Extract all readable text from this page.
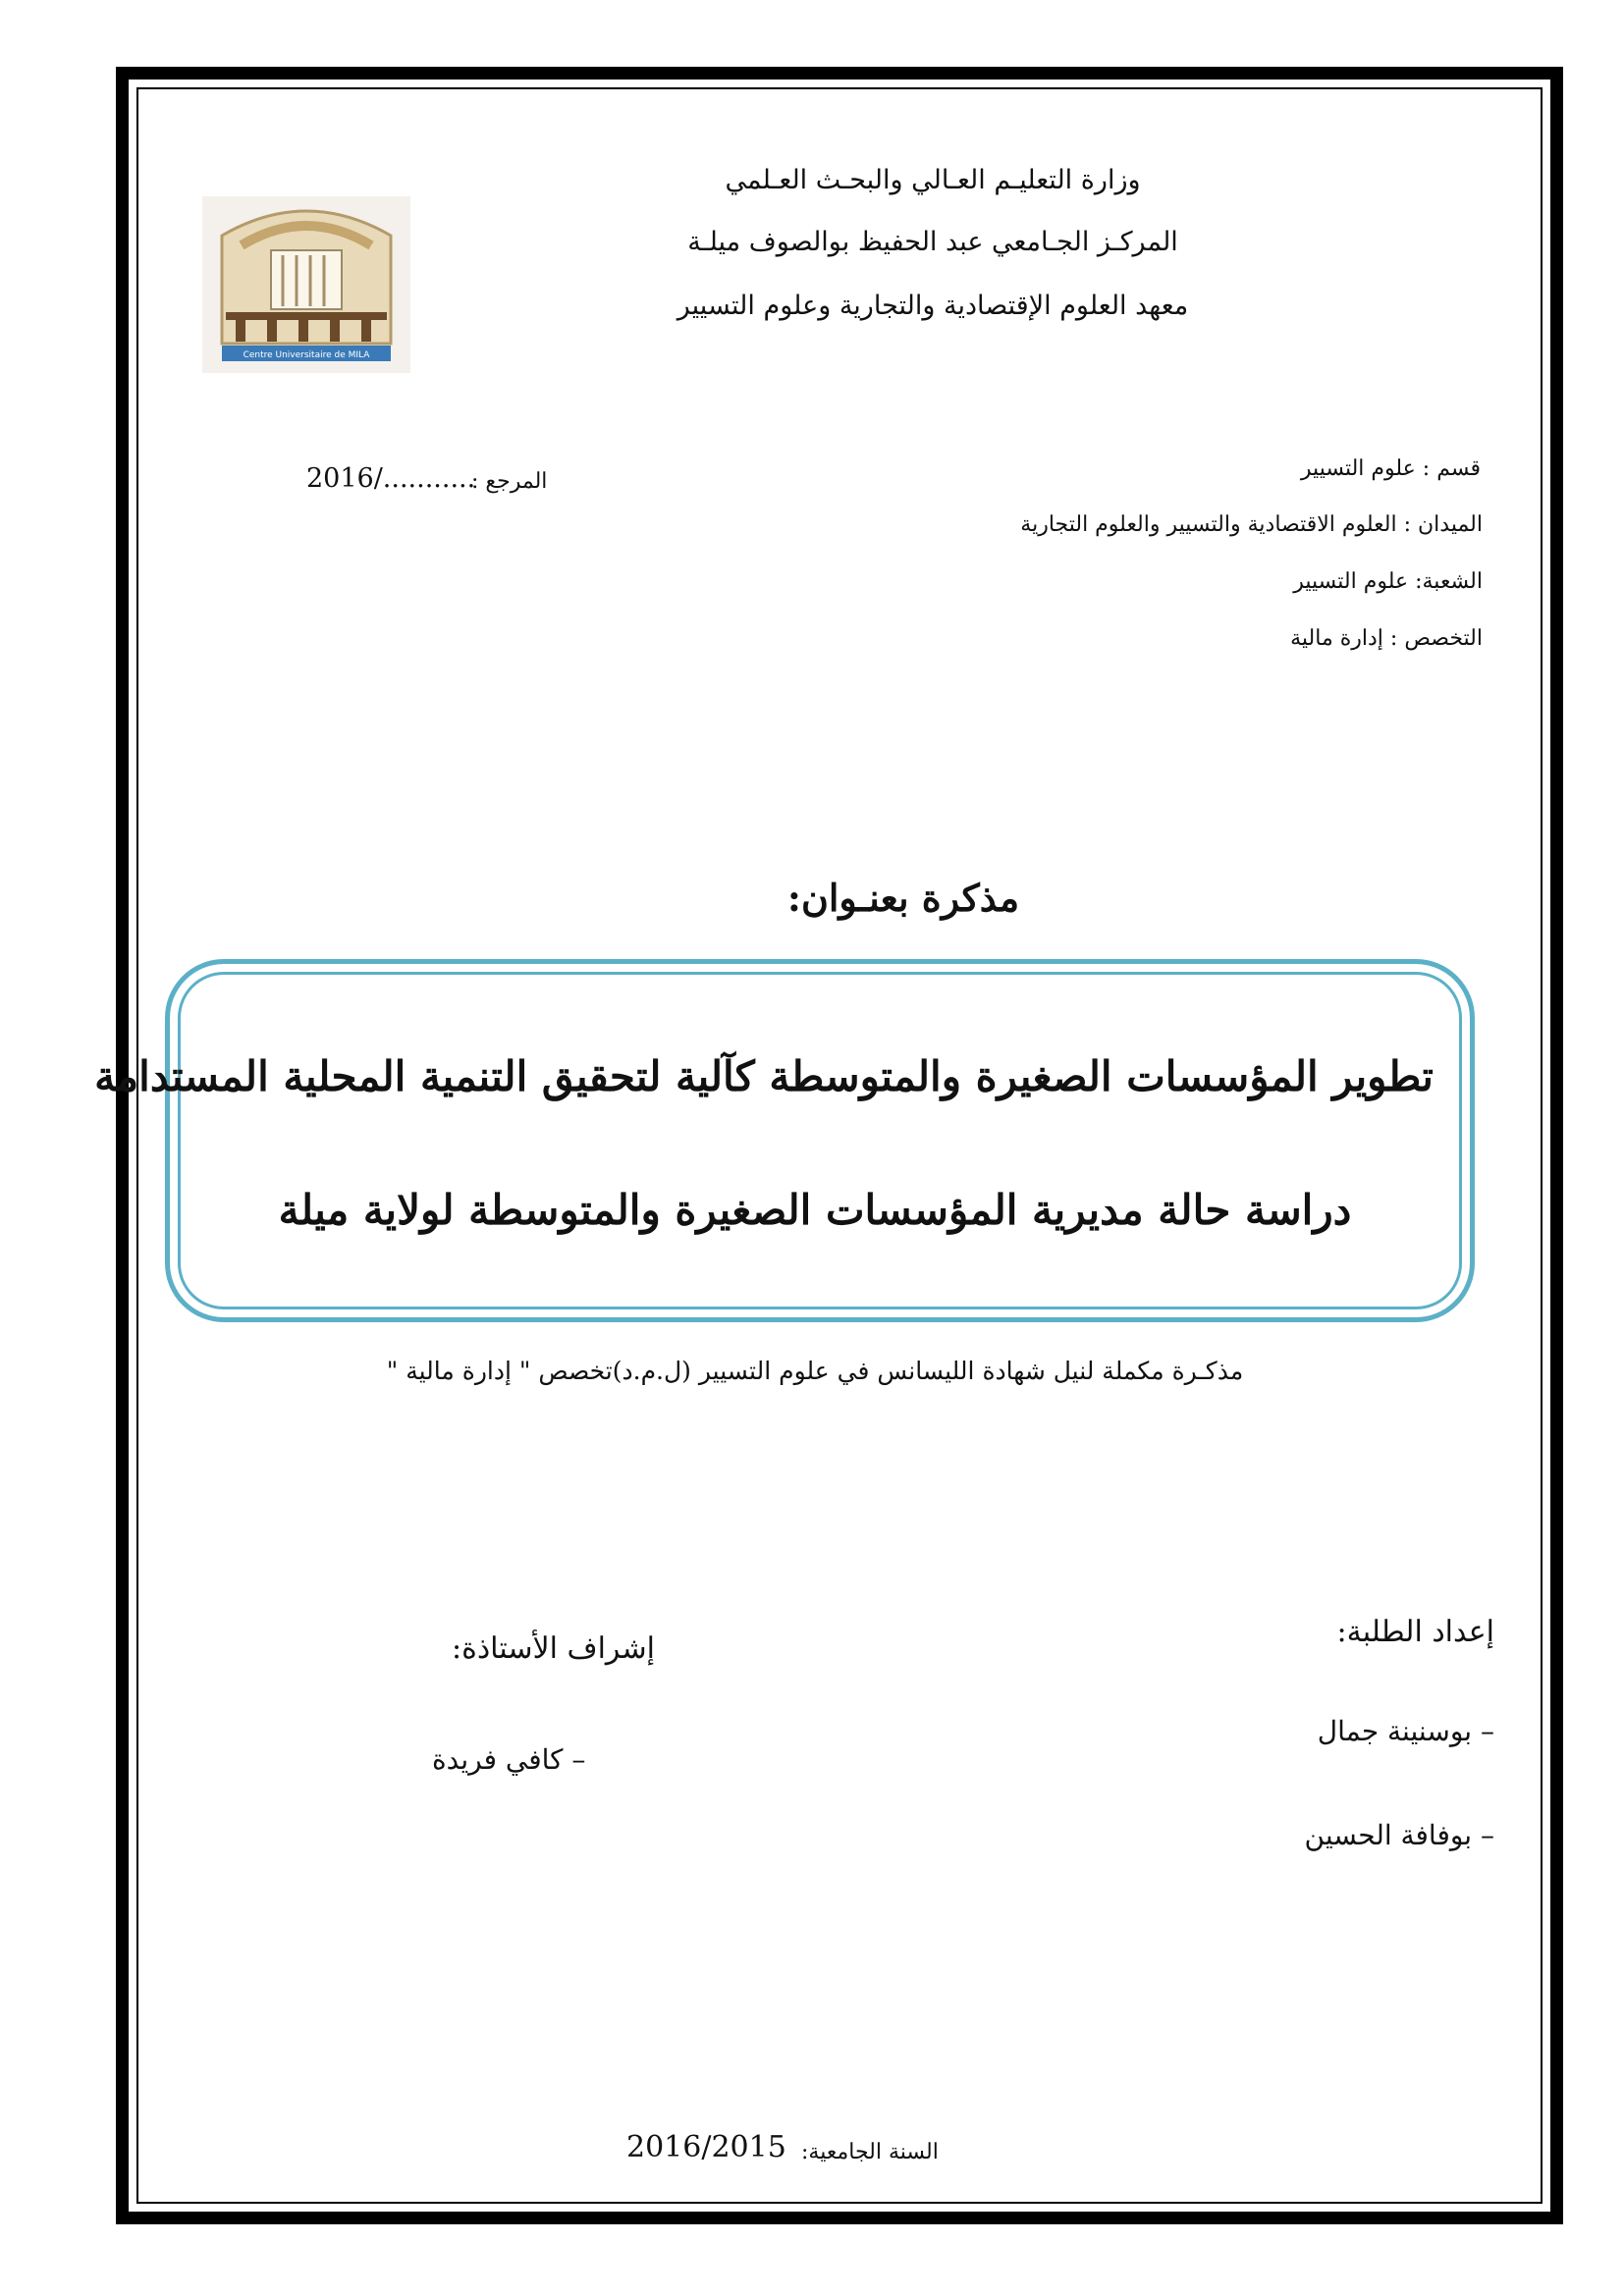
وزارة التعليـم العـالي والبحـث العـلمي
المركـز الجـامعي عبد الحفيظ بوالصوف ميلـة
معهد العلوم الإقتصادية والتجارية وعلوم التسيير
Centre Universitaire de MILA
المرجع :
2016/...........	قسم : علوم التسيير
الميدان : العلوم الاقتصادية والتسيير والعلوم التجارية
الشعبة: علوم التسيير
التخصص : إدارة مالية
مذكرة بعنـوان:
تطوير المؤسسات الصغيرة والمتوسطة كآلية لتحقيق التنمية المحلية المستدامة
دراسة حالة مديرية المؤسسات الصغيرة والمتوسطة لولاية ميلة
مذكـرة مكملة لنيل شهادة الليسانس في علوم التسيير (ل.م.د)تخصص " إدارة مالية "
إعداد الطلبة:
– بوسنينة جمال
– بوفافة الحسين
إشراف الأستاذة:
– كافي فريدة
السنة الجامعية:
2016/2015
